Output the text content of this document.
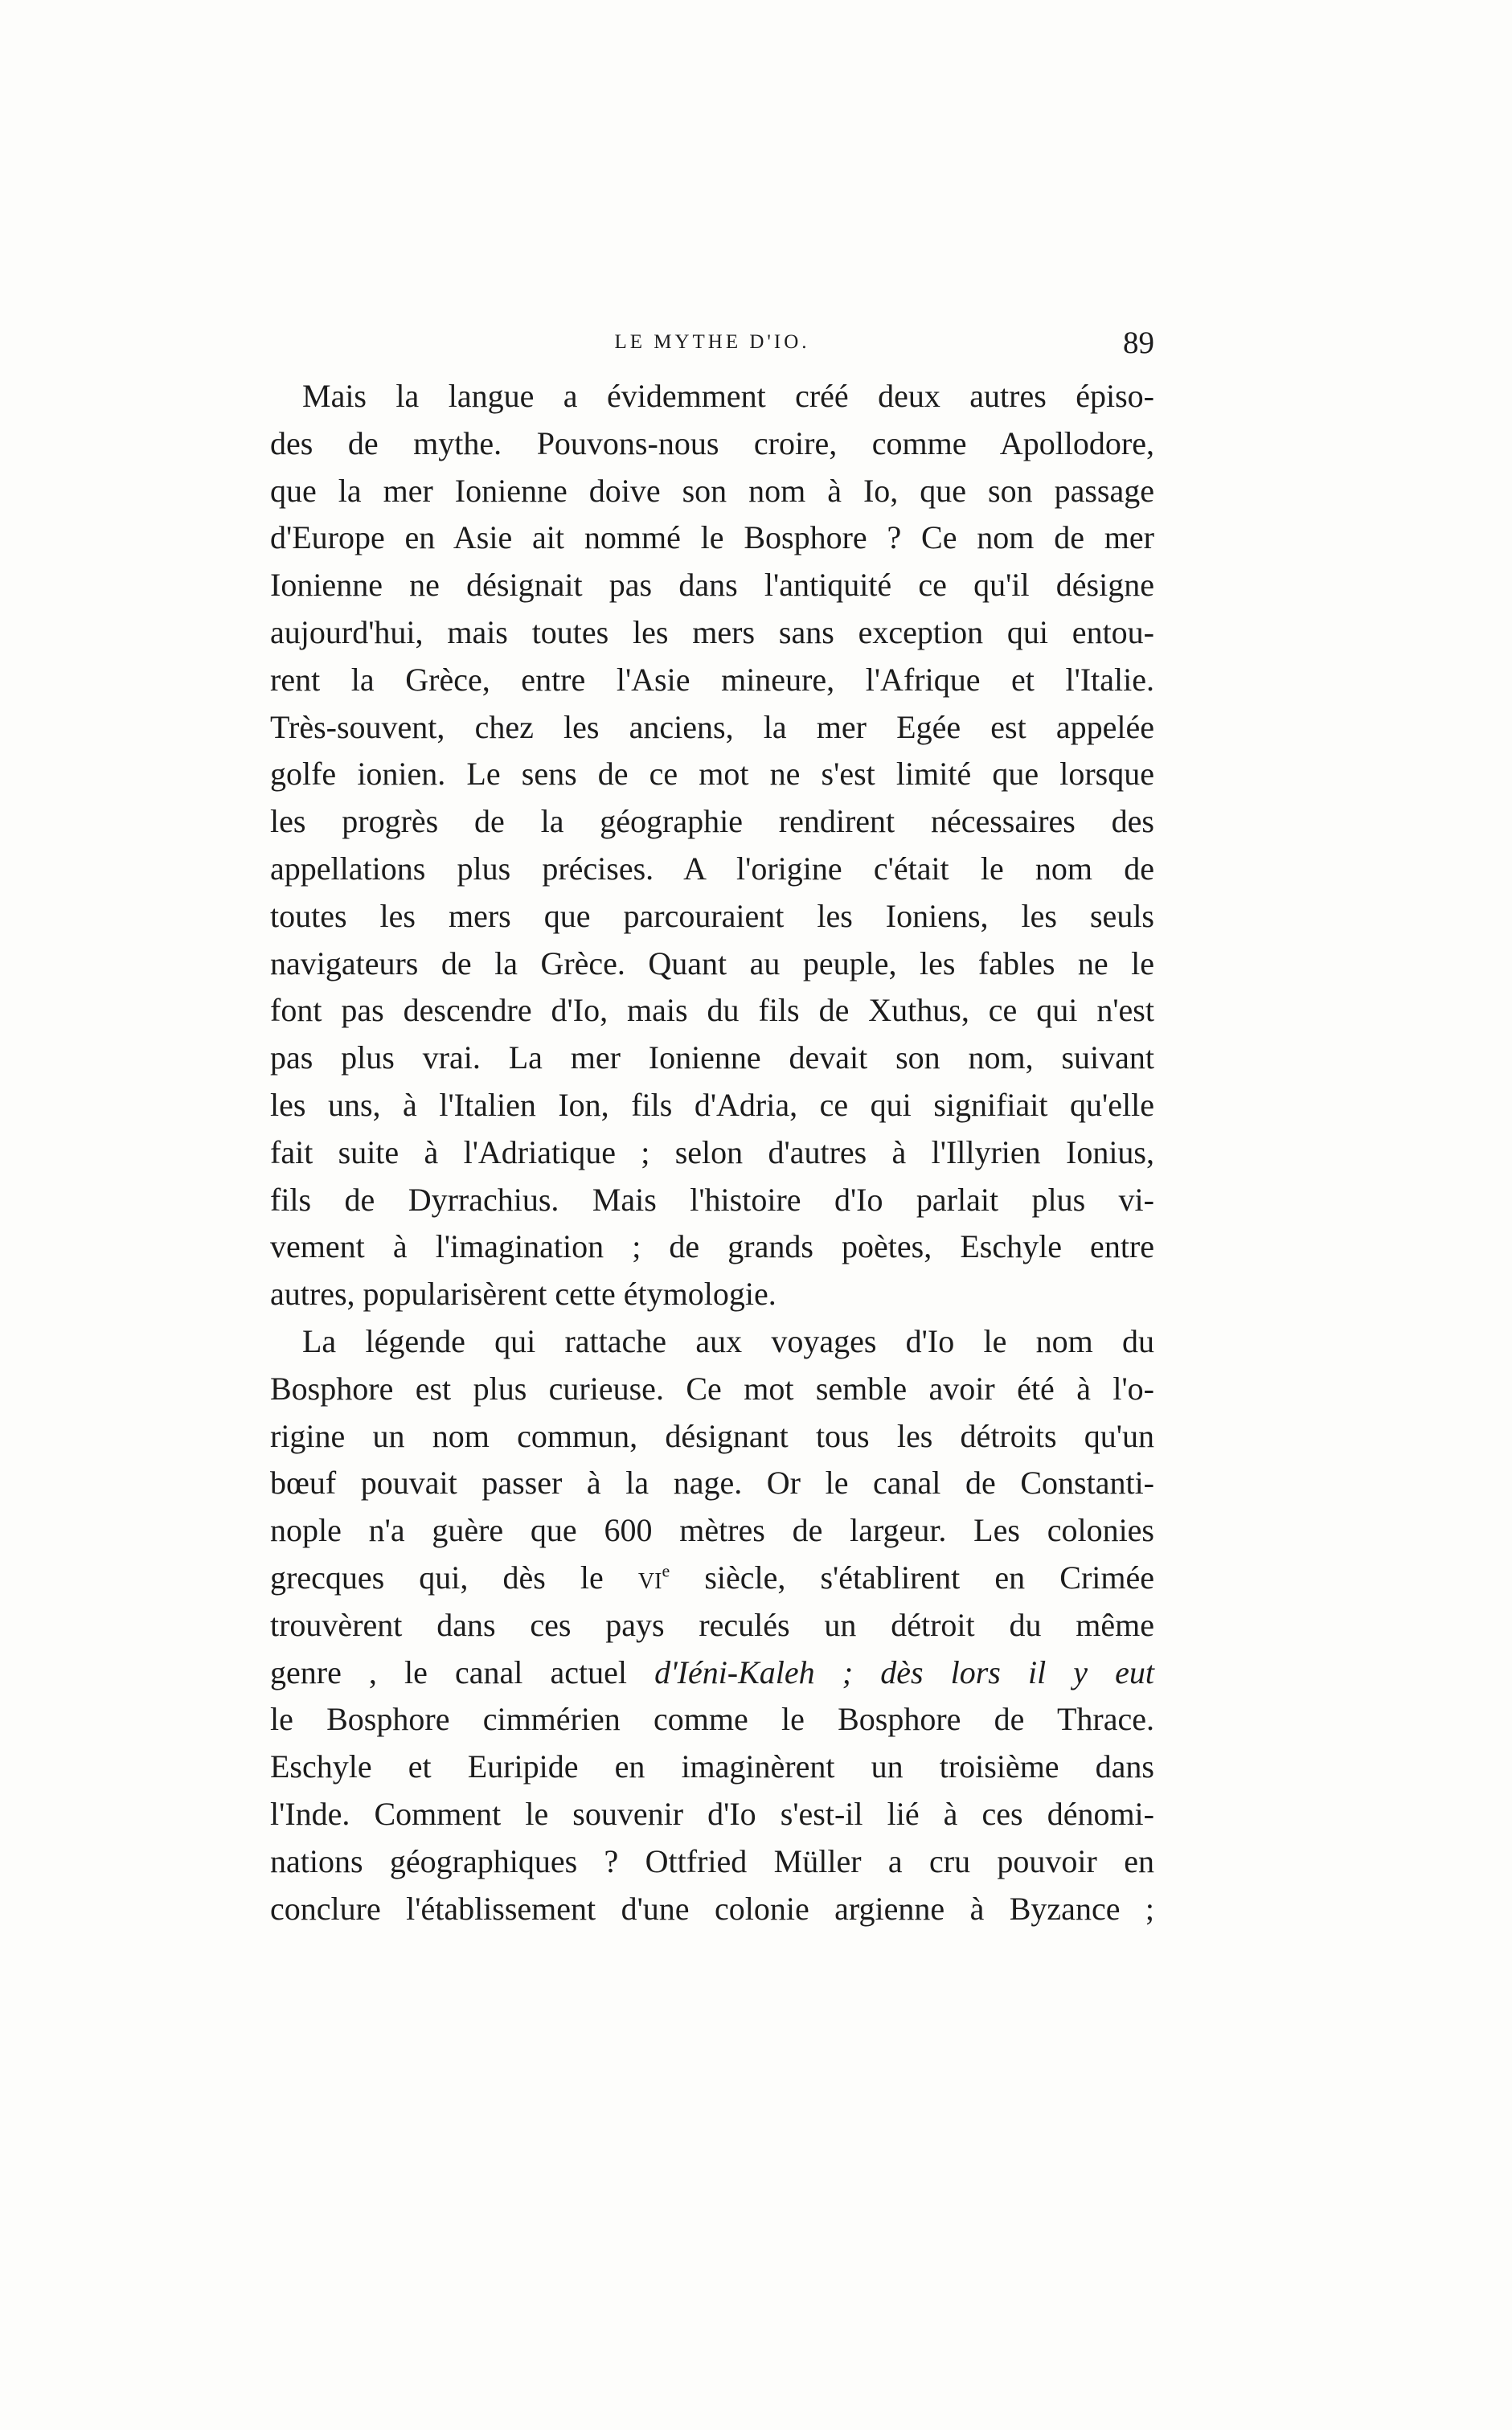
LE MYTHE D'IO.	89
Mais la langue a évidemment créé deux autres épiso-
des de mythe. Pouvons-nous croire, comme Apollodore,
que la mer Ionienne doive son nom à Io, que son passage
d'Europe en Asie ait nommé le Bosphore ? Ce nom de mer
Ionienne ne désignait pas dans l'antiquité ce qu'il désigne
aujourd'hui, mais toutes les mers sans exception qui entou-
rent la Grèce, entre l'Asie mineure, l'Afrique et l'Italie.
Très-souvent, chez les anciens, la mer Egée est appelée
golfe ionien. Le sens de ce mot ne s'est limité que lorsque
les progrès de la géographie rendirent nécessaires des
appellations plus précises. A l'origine c'était le nom de
toutes les mers que parcouraient les Ioniens, les seuls
navigateurs de la Grèce. Quant au peuple, les fables ne le
font pas descendre d'Io, mais du fils de Xuthus, ce qui n'est
pas plus vrai. La mer Ionienne devait son nom, suivant
les uns, à l'Italien Ion, fils d'Adria, ce qui signifiait qu'elle
fait suite à l'Adriatique ; selon d'autres à l'Illyrien Ionius,
fils de Dyrrachius. Mais l'histoire d'Io parlait plus vi-
vement à l'imagination ; de grands poètes, Eschyle entre
autres, popularisèrent cette étymologie.
La légende qui rattache aux voyages d'Io le nom du
Bosphore est plus curieuse. Ce mot semble avoir été à l'o-
rigine un nom commun, désignant tous les détroits qu'un
bœuf pouvait passer à la nage. Or le canal de Constanti-
nople n'a guère que 600 mètres de largeur. Les colonies
grecques qui, dès le $vi^e$ siècle, s'établirent en Crimée
trouvèrent dans ces pays reculés un détroit du même
genre , le canal actuel d'Iéni-Kaleh ; dès lors il y eut
le Bosphore cimmérien comme le Bosphore de Thrace.
Eschyle et Euripide en imaginèrent un troisième dans
l'Inde. Comment le souvenir d'Io s'est-il lié à ces dénomi-
nations géographiques ? Ottfried Müller a cru pouvoir en
conclure l'établissement d'une colonie argienne à Byzance ;
